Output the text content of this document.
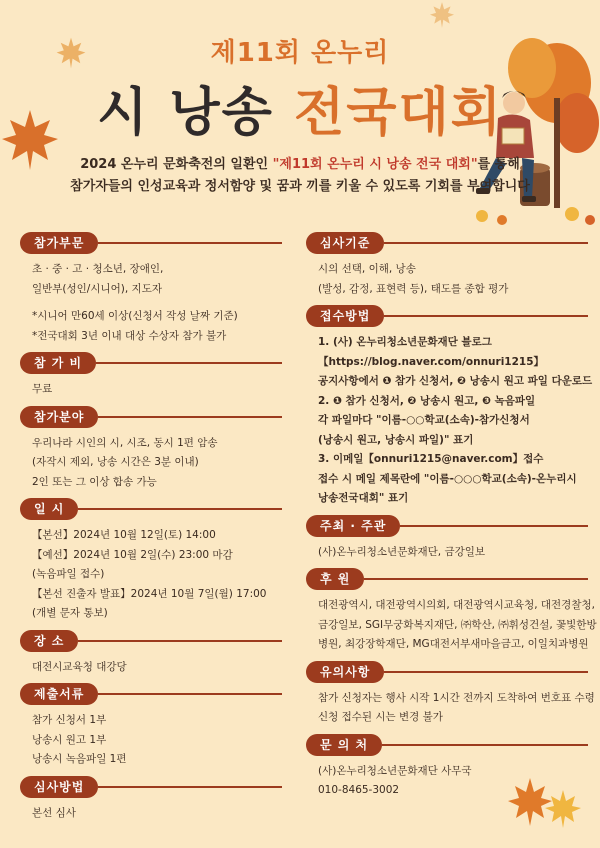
제11회 온누리
시 낭송 전국대회
2024 온누리 문화축전의 일환인 "제11회 온누리 시 낭송 전국 대회"를 통해
참가자들의 인성교육과 정서함양 및 꿈과 끼를 키울 수 있도록 기회를 부여합니다
참가부문
초 · 중 · 고 · 청소년, 장애인,
일반부(성인/시니어), 지도자

*시니어 만60세 이상(신청서 작성 날짜 기준)
*전국대회 3년 이내 대상 수상자 참가 불가
참 가 비
무료
참가분야
우리나라 시인의 시, 시조, 동시 1편 암송
(자작시 제외, 낭송 시간은 3분 이내)
2인 또는 그 이상 합송 가능
일 시
【본선】2024년 10월 12일(토) 14:00
【예선】2024년 10월 2일(수) 23:00 마감
(녹음파일 접수)
【본선 진출자 발표】2024년 10월 7일(월) 17:00
(개별 문자 통보)
장 소
대전시교육청 대강당
제출서류
참가 신청서 1부
낭송시 원고 1부
낭송시 녹음파일 1편
심사방법
본선 심사
심사기준
시의 선택, 이해, 낭송
(발성, 감정, 표현력 등), 태도를 종합 평가
접수방법
1. (사) 온누리청소년문화재단 블로그
【https://blog.naver.com/onnuri1215】
공지사항에서 ❶ 참가 신청서, ❷ 낭송시 원고 파일 다운로드
2. ❶ 참가 신청서, ❷ 낭송시 원고, ❸ 녹음파일
각 파일마다 "이름-○○학교(소속)-참가신청서
(낭송시 원고, 낭송시 파일)" 표기
3. 이메일【onnuri1215@naver.com】접수
접수 시 메일 제목란에 "이름-○○○학교(소속)-온누리시
낭송전국대회" 표기
주최 · 주관
(사)온누리청소년문화재단, 금강일보
후 원
대전광역시, 대전광역시의회, 대전광역시교육청, 대전경찰청,
금강일보, SGI무궁화복지재단, ㈜학산, ㈜휘성건설, 꽃빛한방
병원, 최강장학재단, MG대전서부새마을금고, 이일치과병원
유의사항
참가 신청자는 행사 시작 1시간 전까지 도착하여 번호표 수령
신청 접수된 시는 변경 불가
문 의 처
(사)온누리청소년문화재단 사무국
010-8465-3002
